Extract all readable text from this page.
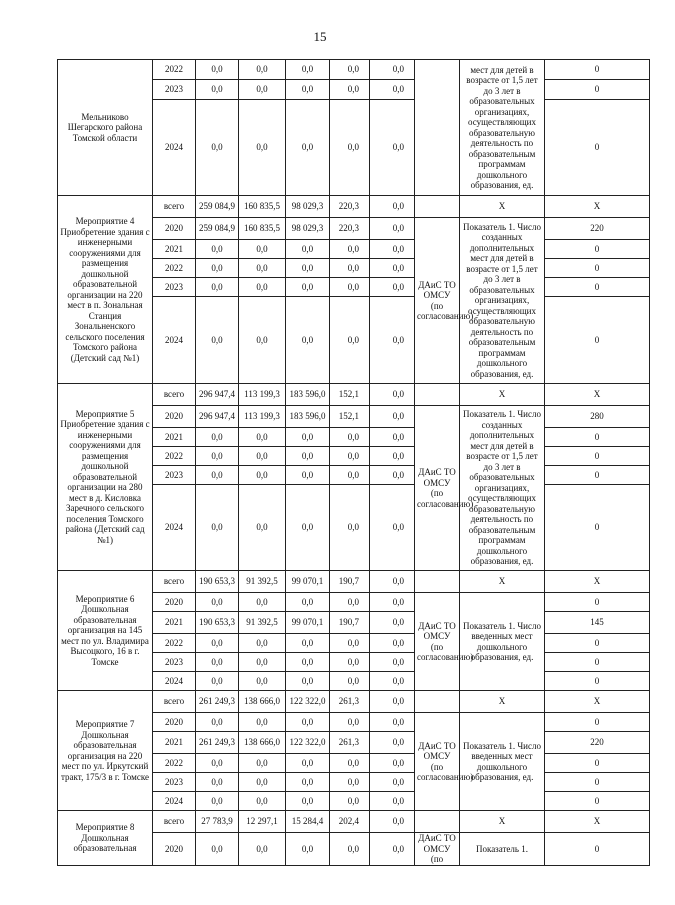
15
Мельниково Шегарского района Томской области	2022	0,0	0,0	0,0	0,0	0,0		мест для детей в возрасте от 1,5 лет до 3 лет в образовательных организациях, осуществляющих образовательную деятельность по образовательным программам дошкольного образования, ед.	0
	2023	0,0	0,0	0,0	0,0	0,0			0
	2024	0,0	0,0	0,0	0,0	0,0			0
Мероприятие 4 Приобретение здания с инженерными сооружениями для размещения дошкольной образовательной организации на 220 мест в п. Зональная Станция Зональненского сельского поселения Томского района (Детский сад №1)	всего	259 084,9	160 835,5	98 029,3	220,3	0,0		Х	Х
	2020	259 084,9	160 835,5	98 029,3	220,3	0,0	ДАиС ТО ОМСУ (по согласованию)	Показатель 1. Число созданных дополнительных мест для детей в возрасте от 1,5 лет до 3 лет в образовательных организациях, осуществляющих образовательную деятельность по образовательным программам дошкольного образования, ед.	220
	2021	0,0	0,0	0,0	0,0	0,0			0
	2022	0,0	0,0	0,0	0,0	0,0			0
	2023	0,0	0,0	0,0	0,0	0,0			0
	2024	0,0	0,0	0,0	0,0	0,0			0
Мероприятие 5 Приобретение здания с инженерными сооружениями для размещения дошкольной образовательной организации на 280 мест в д. Кисловка Заречного сельского поселения Томского района (Детский сад №1)	всего	296 947,4	113 199,3	183 596,0	152,1	0,0		Х	Х
	2020	296 947,4	113 199,3	183 596,0	152,1	0,0	ДАиС ТО ОМСУ (по согласованию)	Показатель 1. Число созданных дополнительных мест для детей в возрасте от 1,5 лет до 3 лет в образовательных организациях, осуществляющих образовательную деятельность по образовательным программам дошкольного образования, ед.	280
	2021	0,0	0,0	0,0	0,0	0,0			0
	2022	0,0	0,0	0,0	0,0	0,0			0
	2023	0,0	0,0	0,0	0,0	0,0			0
	2024	0,0	0,0	0,0	0,0	0,0			0
Мероприятие 6 Дошкольная образовательная организация на 145 мест по ул. Владимира Высоцкого, 16 в г. Томске	всего	190 653,3	91 392,5	99 070,1	190,7	0,0		Х	Х
	2020	0,0	0,0	0,0	0,0	0,0	ДАиС ТО ОМСУ (по согласованию)	Показатель 1. Число введенных мест дошкольного образования, ед.	0
	2021	190 653,3	91 392,5	99 070,1	190,7	0,0			145
	2022	0,0	0,0	0,0	0,0	0,0			0
	2023	0,0	0,0	0,0	0,0	0,0			0
	2024	0,0	0,0	0,0	0,0	0,0			0
Мероприятие 7 Дошкольная образовательная организация на 220 мест по ул. Иркутский тракт, 175/3 в г. Томске	всего	261 249,3	138 666,0	122 322,0	261,3	0,0		Х	Х
	2020	0,0	0,0	0,0	0,0	0,0	ДАиС ТО ОМСУ (по согласованию)	Показатель 1. Число введенных мест дошкольного образования, ед.	0
	2021	261 249,3	138 666,0	122 322,0	261,3	0,0			220
	2022	0,0	0,0	0,0	0,0	0,0			0
	2023	0,0	0,0	0,0	0,0	0,0			0
	2024	0,0	0,0	0,0	0,0	0,0			0
Мероприятие 8 Дошкольная образовательная	всего	27 783,9	12 297,1	15 284,4	202,4	0,0		Х	Х
	2020	0,0	0,0	0,0	0,0	0,0	ДАиС ТО ОМСУ (по	Показатель 1.	0
